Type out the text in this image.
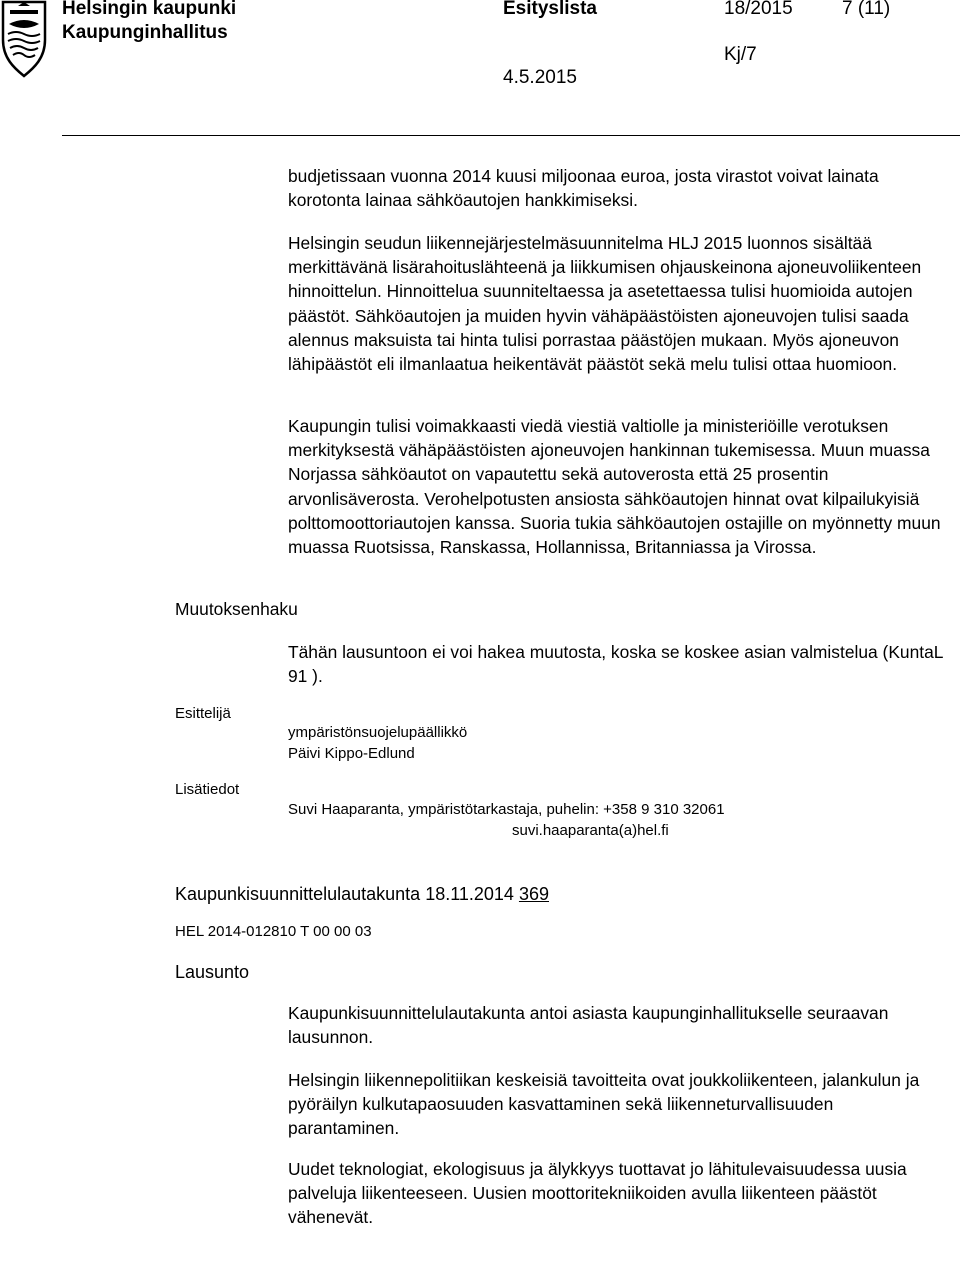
Helsingin kaupunki
Kaupunginhallitus
Esityslista	18/2015	7 (11)
Kj/7
4.5.2015
budjetissaan vuonna 2014 kuusi miljoonaa euroa, josta virastot voivat lainata korotonta lainaa sähköautojen hankkimiseksi.
Helsingin seudun liikennejärjestelmäsuunnitelma HLJ 2015 luonnos sisältää merkittävänä lisärahoituslähteenä ja liikkumisen ohjauskeinona ajoneuvoliikenteen hinnoittelun. Hinnoittelua suunniteltaessa ja asetettaessa tulisi huomioida autojen päästöt. Sähköautojen ja muiden hyvin vähäpäästöisten ajoneuvojen tulisi saada alennus maksuista tai hinta tulisi porrastaa päästöjen mukaan. Myös ajoneuvon lähipäästöt eli ilmanlaatua heikentävät päästöt sekä melu tulisi ottaa huomioon.
Kaupungin tulisi voimakkaasti viedä viestiä valtiolle ja ministeriöille verotuksen merkityksestä vähäpäästöisten ajoneuvojen hankinnan tukemisessa. Muun muassa Norjassa sähköautot on vapautettu sekä autoverosta että 25 prosentin arvonlisäverosta. Verohelpotusten ansiosta sähköautojen hinnat ovat kilpailukyisiä polttomoottoriautojen kanssa. Suoria tukia sähköautojen ostajille on myönnetty muun muassa Ruotsissa, Ranskassa, Hollannissa, Britanniassa ja Virossa.
Muutoksenhaku
Tähän lausuntoon ei voi hakea muutosta, koska se koskee asian valmistelua (KuntaL 91 ).
Esittelijä
ympäristönsuojelupäällikkö
Päivi Kippo-Edlund
Lisätiedot
Suvi Haaparanta, ympäristötarkastaja, puhelin: +358 9 310 32061
suvi.haaparanta(a)hel.fi
Kaupunkisuunnittelulautakunta 18.11.2014 369
HEL 2014-012810 T 00 00 03
Lausunto
Kaupunkisuunnittelulautakunta antoi asiasta kaupunginhallitukselle seuraavan lausunnon.
Helsingin liikennepolitiikan keskeisiä tavoitteita ovat joukkoliikenteen, jalankulun ja pyöräilyn kulkutapaosuuden kasvattaminen sekä liikenneturvallisuuden parantaminen.
Uudet teknologiat, ekologisuus ja älykkyys tuottavat jo lähitulevaisuudessa uusia palveluja liikenteeseen. Uusien moottoritekniikoiden avulla liikenteen päästöt vähenevät.
